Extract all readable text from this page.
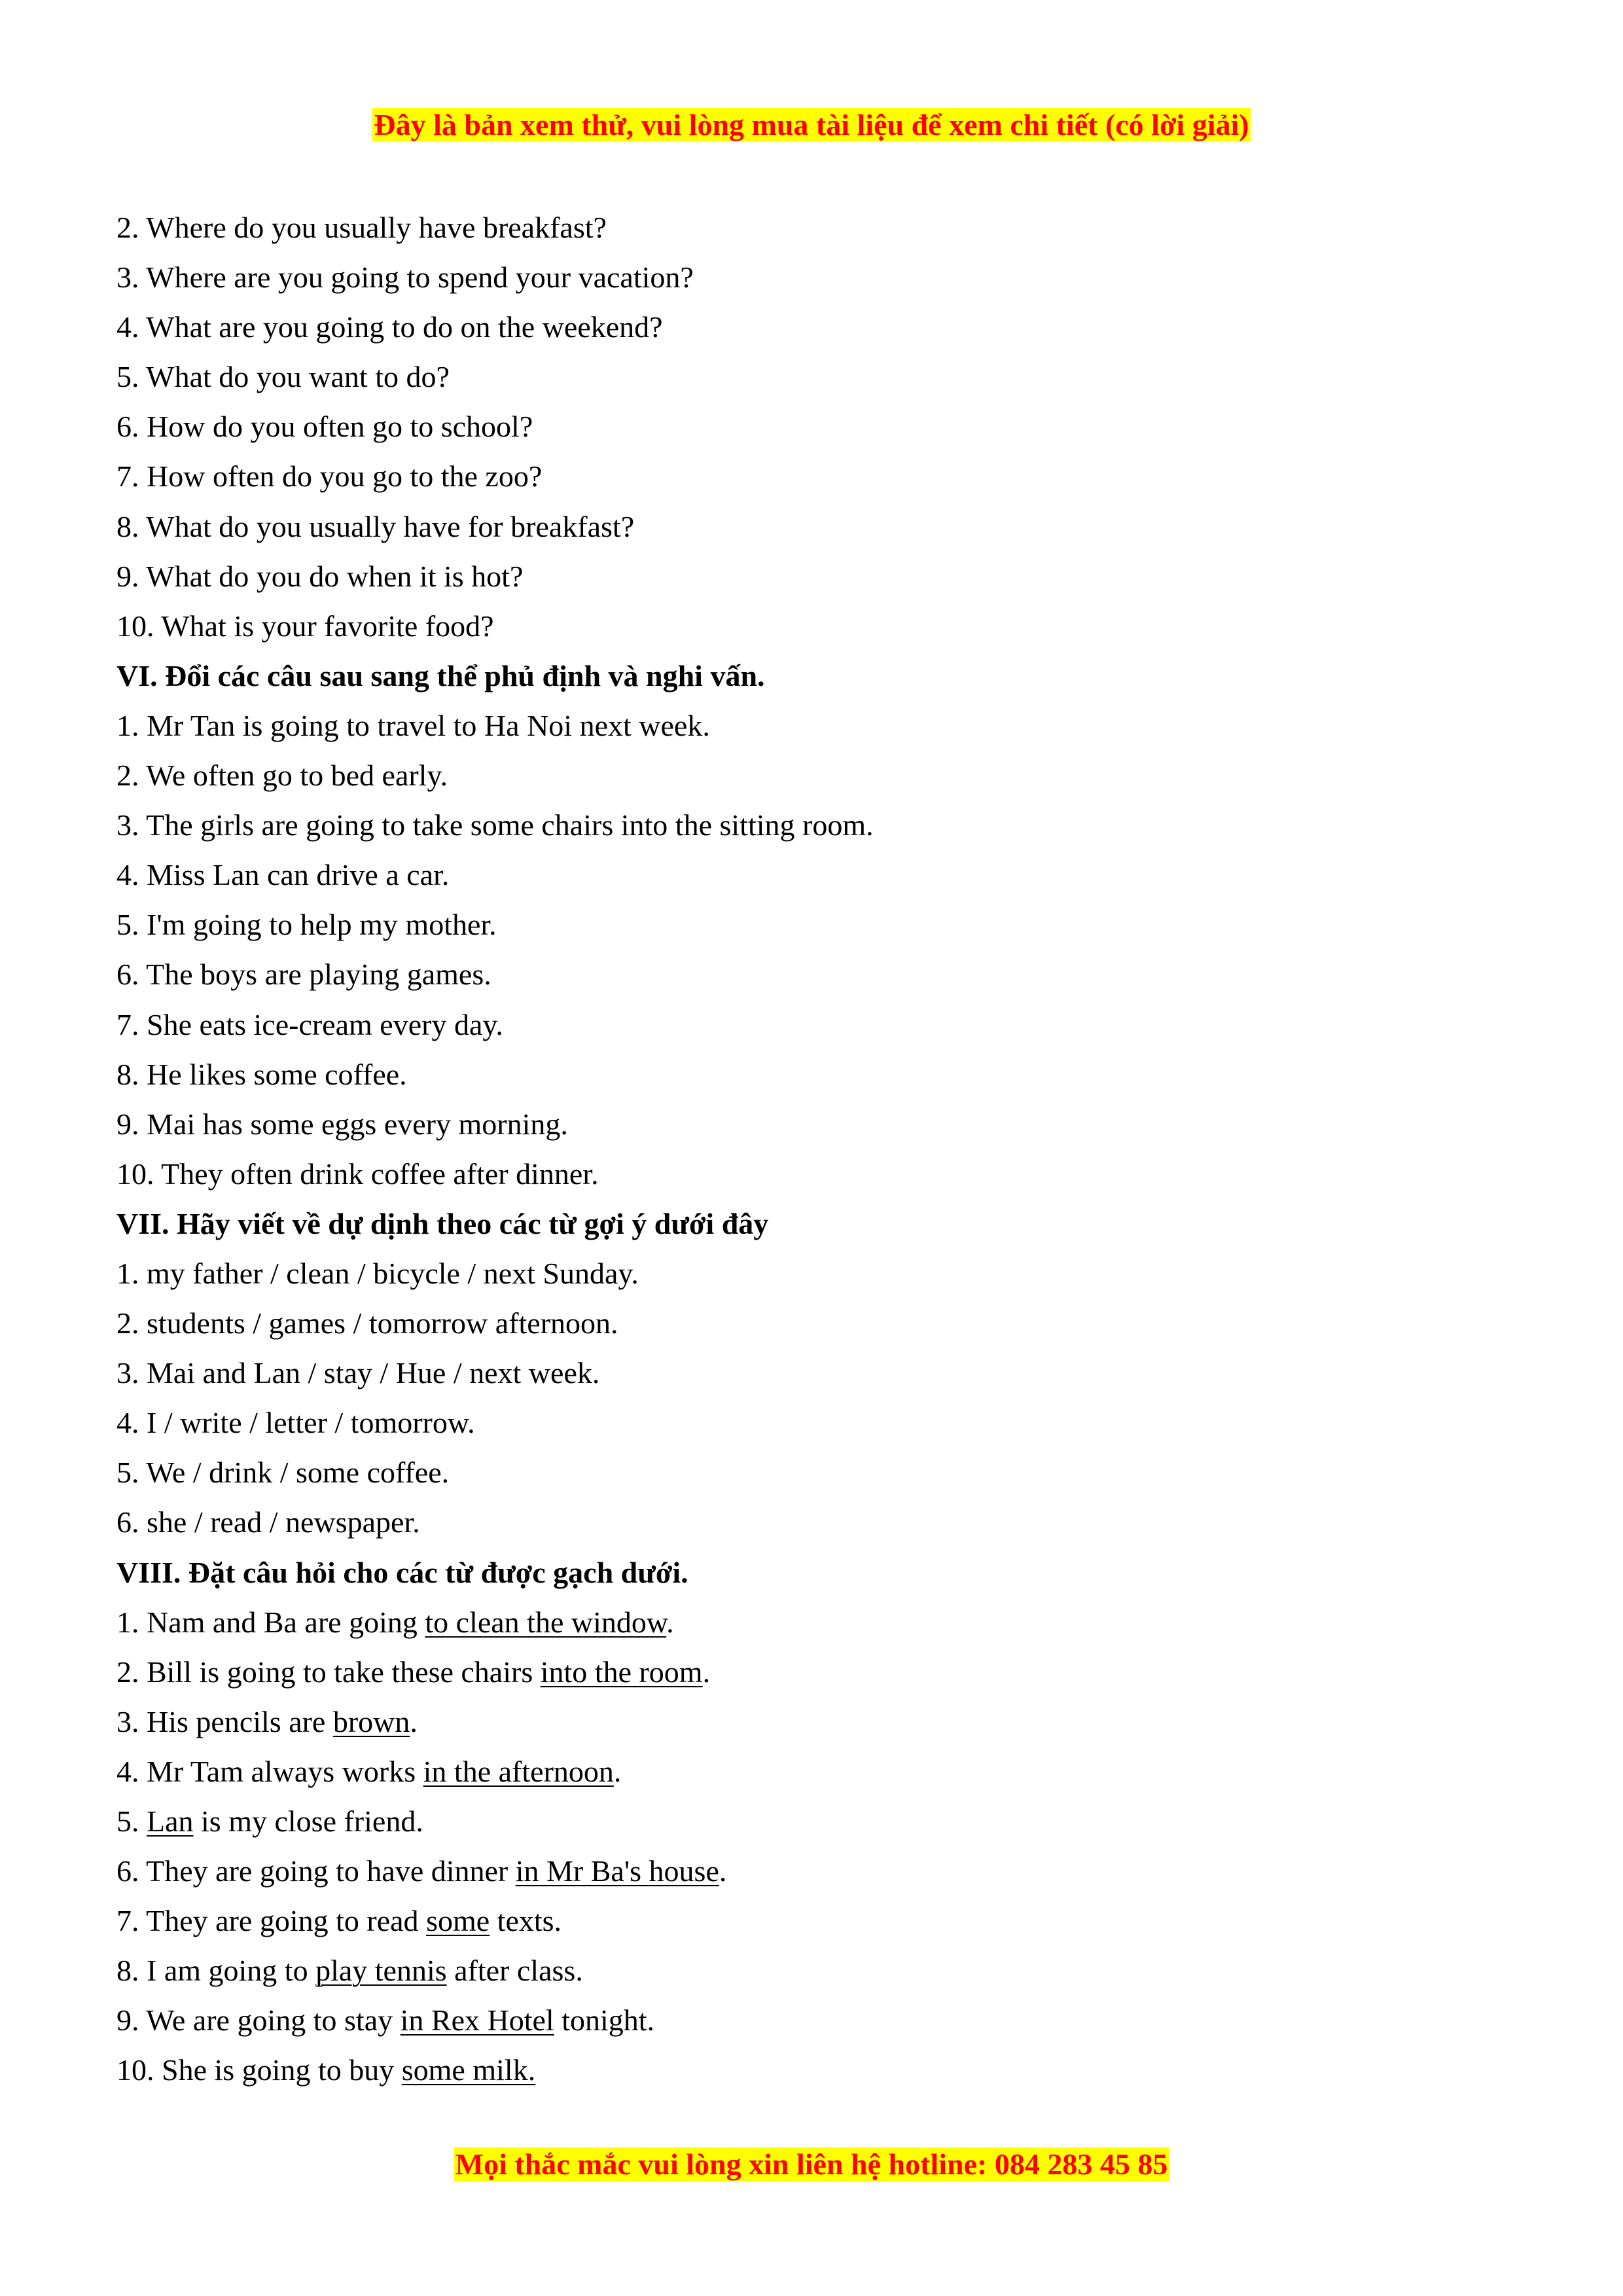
Đây là bản xem thử, vui lòng mua tài liệu để xem chi tiết (có lời giải)
2. Where do you usually have breakfast?
3. Where are you going to spend your vacation?
4. What are you going to do on the weekend?
5. What do you want to do?
6. How do you often go to school?
7. How often do you go to the zoo?
8. What do you usually have for breakfast?
9. What do you do when it is hot?
10. What is your favorite food?
VI. Đổi các câu sau sang thể phủ định và nghi vấn.
1. Mr Tan is going to travel to Ha Noi next week.
2. We often go to bed early.
3. The girls are going to take some chairs into the sitting room.
4. Miss Lan can drive a car.
5. I'm going to help my mother.
6. The boys are playing games.
7. She eats ice-cream every day.
8. He likes some coffee.
9. Mai has some eggs every morning.
10. They often drink coffee after dinner.
VII. Hãy viết về dự dịnh theo các từ gợi ý dưới đây
1. my father / clean / bicycle / next Sunday.
2. students / games / tomorrow afternoon.
3. Mai and Lan / stay / Hue / next week.
4. I / write / letter / tomorrow.
5. We / drink / some coffee.
6. she / read / newspaper.
VIII. Đặt câu hỏi cho các từ được gạch dưới.
1. Nam and Ba are going to clean the window.
2. Bill is going to take these chairs into the room.
3. His pencils are brown.
4. Mr Tam always works in the afternoon.
5. Lan is my close friend.
6. They are going to have dinner in Mr Ba's house.
7. They are going to read some texts.
8. I am going to play tennis after class.
9. We are going to stay in Rex Hotel tonight.
10. She is going to buy some milk.
Mọi thắc mắc vui lòng xin liên hệ hotline: 084 283 45 85
